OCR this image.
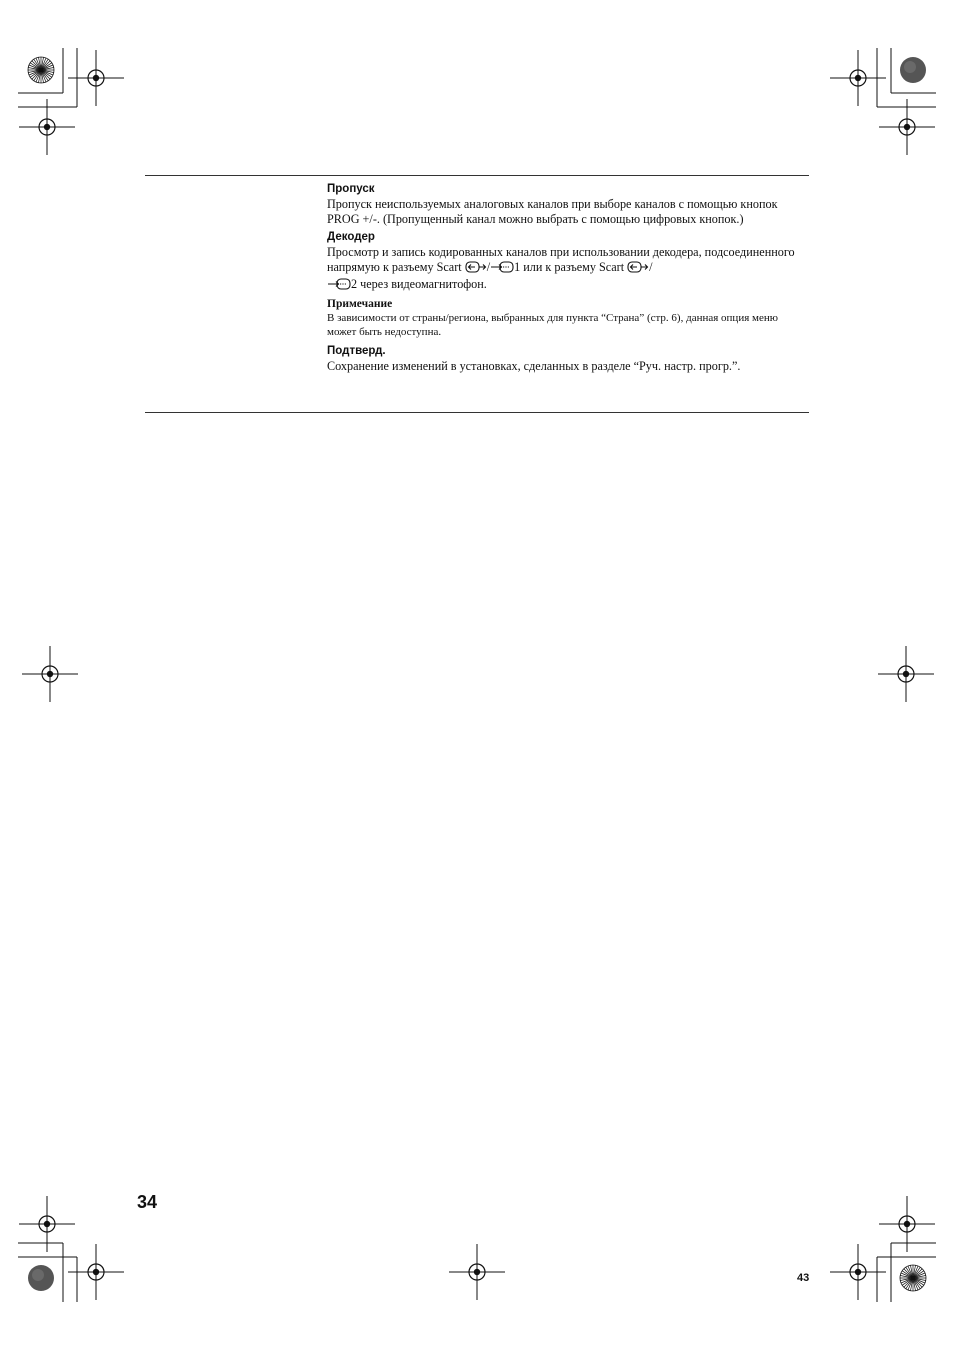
Пропуск

Пропуск неиспользуемых аналоговых каналов при выборе каналов с помощью кнопок PROG +/-. (Пропущенный канал можно выбрать с помощью цифровых кнопок.)

Декодер

Просмотр и запись кодированных каналов при использовании декодера, подсоединенного напрямую к разъему Scart / 1 или к разъему Scart /
2 через видеомагнитофон.

Примечание

В зависимости от страны/региона, выбранных для пункта “Страна” (стр. 6), данная опция меню может быть недоступна.

Подтверд.

Сохранение изменений в установках, сделанных в разделе “Руч. настр. прогр.”.

34
43
